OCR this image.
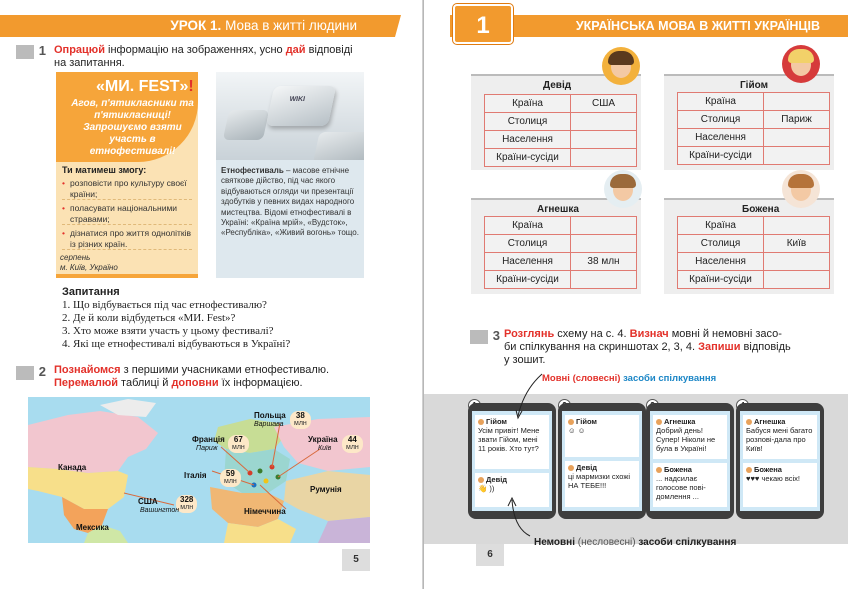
УРОК 1. Мова в житті людини
1 Опрацюй інформацію на зображеннях, усно дай відповіді
на запитання.
«МИ. FEST»!
Агов, п'ятикласники та п'ятикласниці! Запрошуємо взяти участь в етнофестивалі!
Ти матимеш змогу:
• розповісти про культуру своєї країни;
• поласувати національними стравами;
• дізнатися про життя однолітків із різних країн.
серпень
м. Київ, Україно
WIKI
Етнофестиваль – масове етнічне святкове дійство, під час якого відбуваються огляди чи презентації здобутків у певних видах народного мистецтва. Відомі етнофестивалі в Україні: «Країна мрій», «Вудсток», «Республіка», «Живий вогонь» тощо.
Запитання
1. Що відбувається під час етнофестивалю?
2. Де й коли відбудеться «МИ. Fest»?
3. Хто може взяти участь у цьому фестивалі?
4. Які ще етнофестивалі відбуваються в Україні?
2 Познайомся з першими учасниками етнофестивалю.
Перемалюй таблиці й доповни їх інформацією.
Канада
США
Мексика
Франція
Італія
Польща
Україна
Румунія
Німеччина
328
млн
Вашингтон
67
млн
Париж
59
млн
38
млн
Варшава
44
млн
Київ
5
УКРАЇНСЬКА МОВА В ЖИТТІ УКРАЇНЦІВ
1
Девід
Країна	США
Столиця	
Населення	
Країни-сусіди	
Гійом
Країна	
Столиця	Париж
Населення	
Країни-сусіди	
Агнешка
Країна	
Столиця	
Населення	38 млн
Країни-сусіди	
Божена
Країна	
Столиця	Київ
Населення	
Країни-сусіди	
3 Розглянь схему на с. 4. Визнач мовні й немовні засо-
би спілкування на скриншотах 2, 3, 4. Запиши відповідь
у зошит.
Мовні (словесні) засоби спілкування
Гійом
Усім привіт! Мене звати Гійом, мені 11 років. Хто тут?
Девід
👋 ))
Гійом
☺ ☺
Девід
ці мармизки схожі НА ТЕБЕ!!!
Агнешка
Добрий день! Супер! Ніколи не була в Україні!
Божена
... надсилає голосове пові-домлення ...
Агнешка
Бабуся мені багато розпові-дала про Київ!
Божена
♥♥♥ чекаю всіх!
Немовні (несловесні) засоби спілкування
6
